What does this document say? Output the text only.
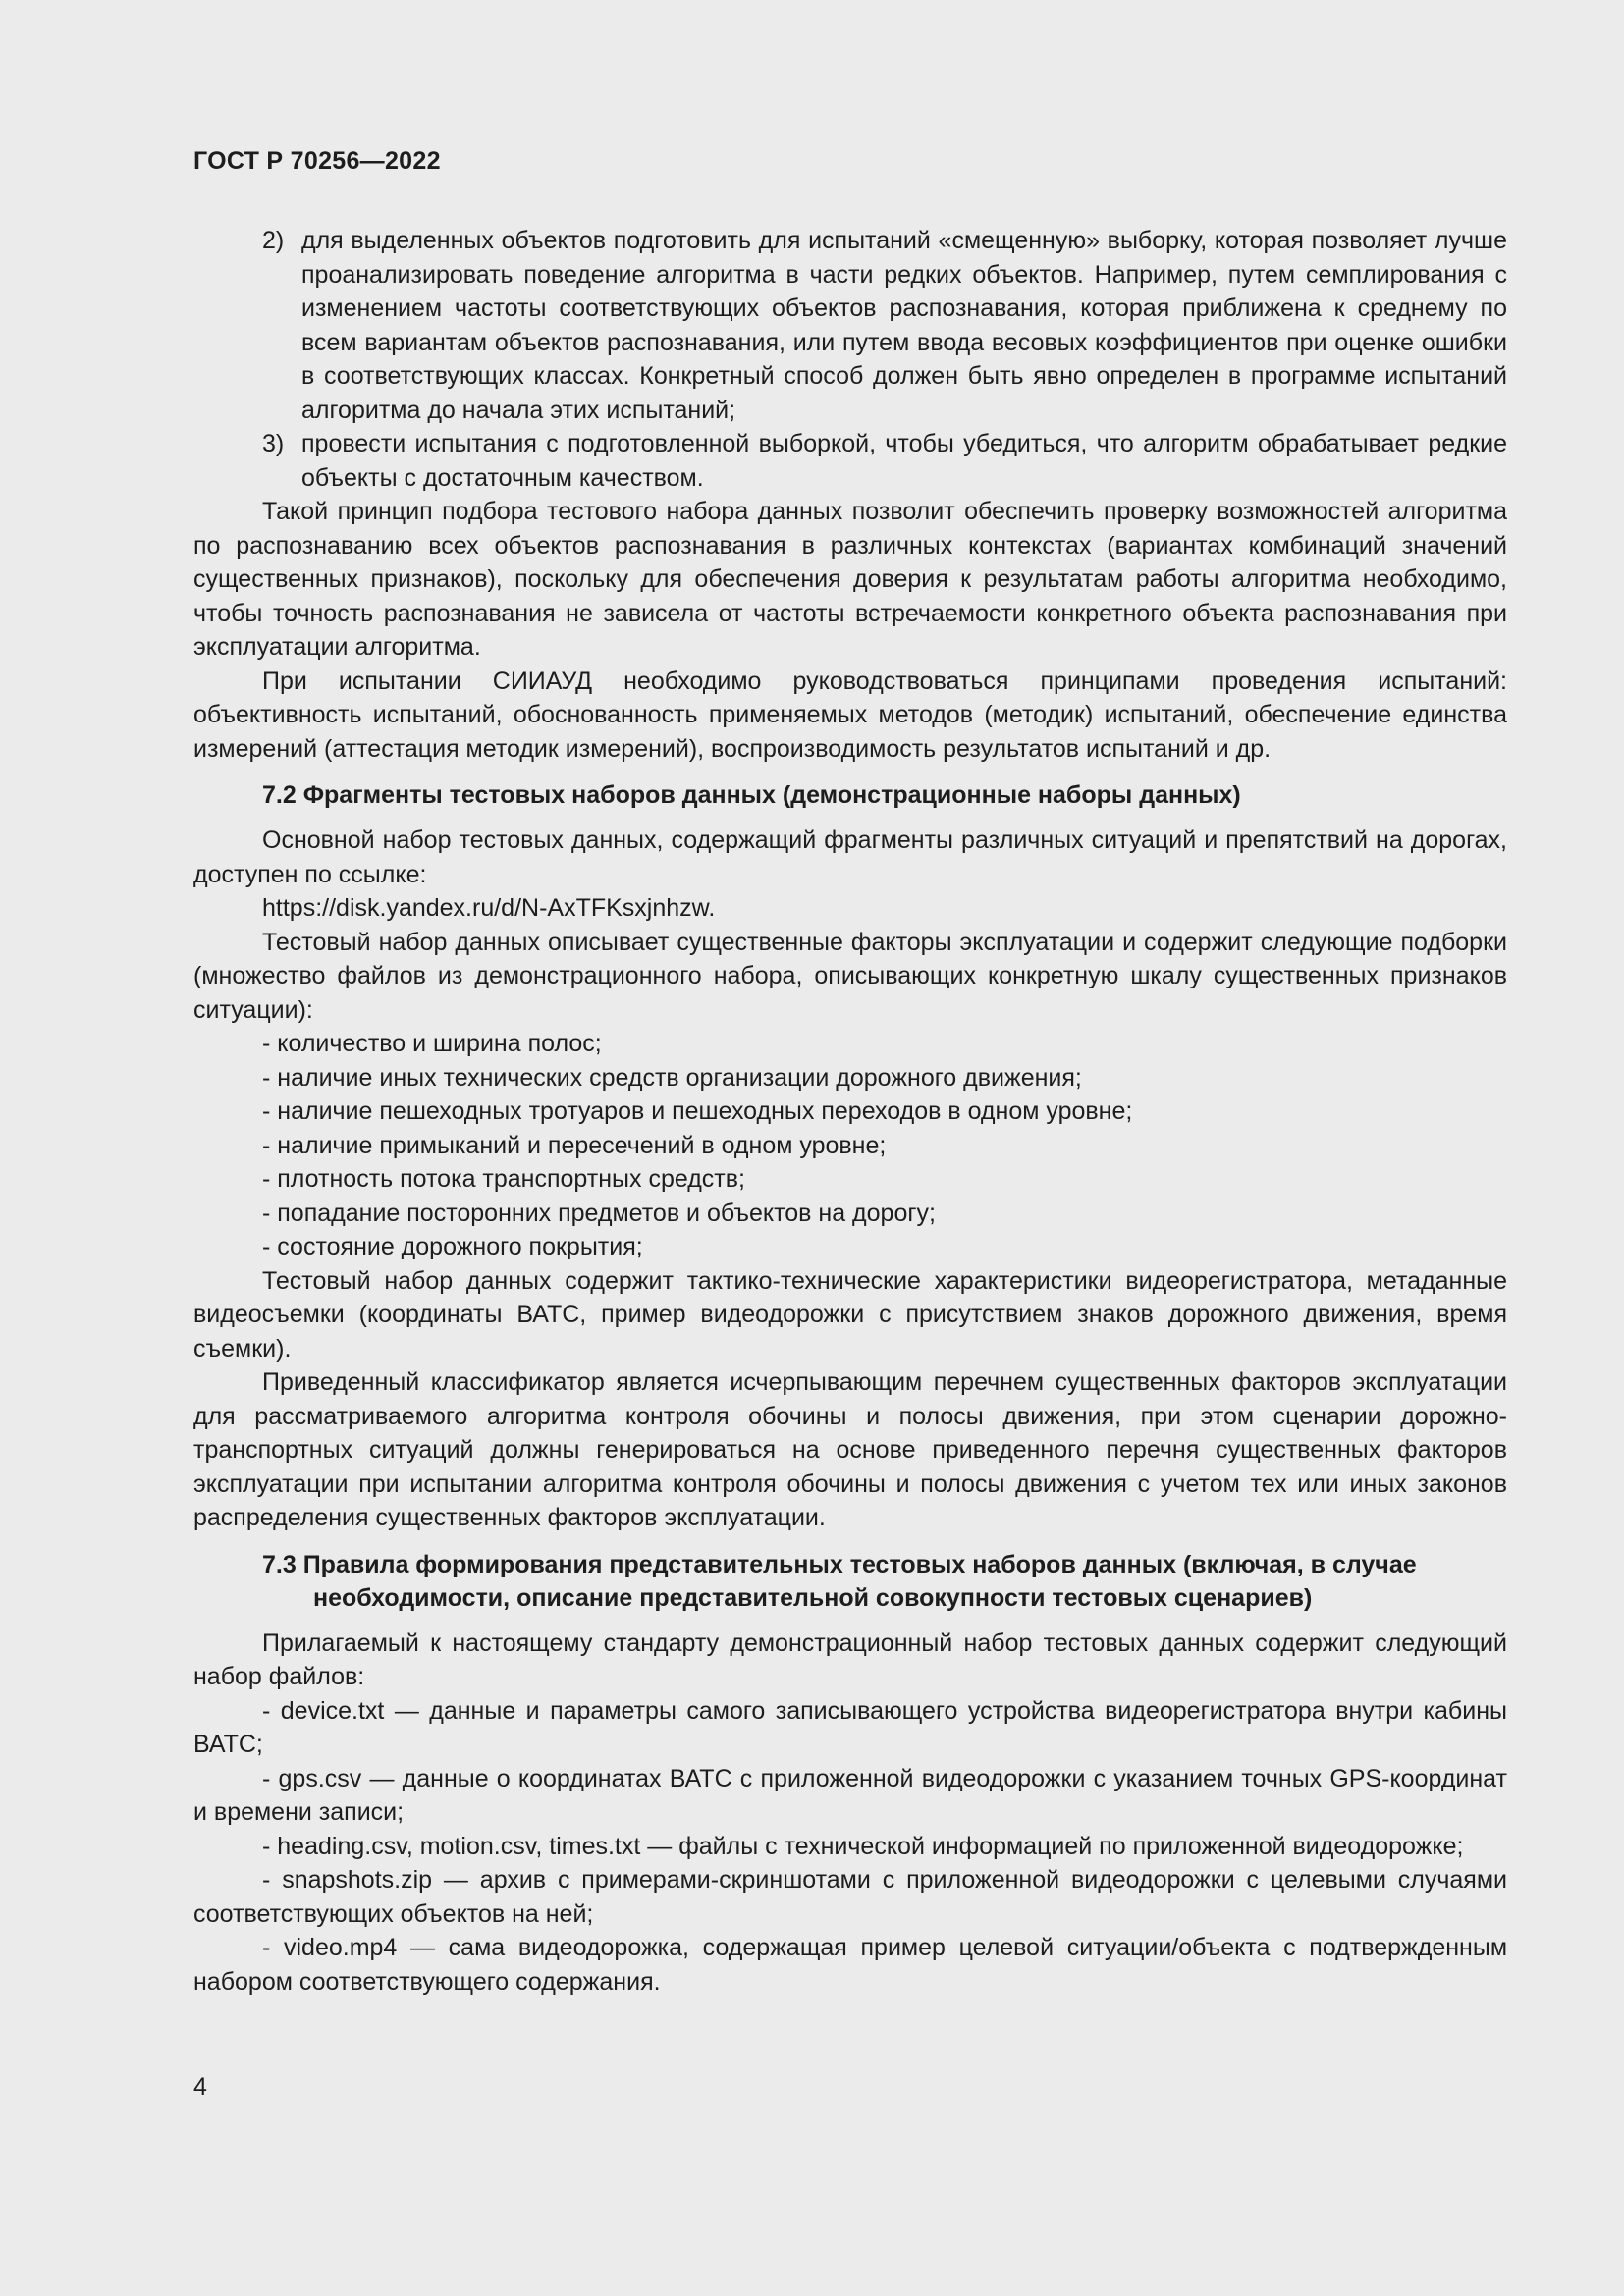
ГОСТ Р 70256—2022

2) для выделенных объектов подготовить для испытаний «смещенную» выборку, которая позволяет лучше проанализировать поведение алгоритма в части редких объектов. Например, путем семплирования с изменением частоты соответствующих объектов распознавания, которая приближена к среднему по всем вариантам объектов распознавания, или путем ввода весовых коэффициентов при оценке ошибки в соответствующих классах. Конкретный способ должен быть явно определен в программе испытаний алгоритма до начала этих испытаний;

3) провести испытания с подготовленной выборкой, чтобы убедиться, что алгоритм обрабатывает редкие объекты с достаточным качеством.

Такой принцип подбора тестового набора данных позволит обеспечить проверку возможностей алгоритма по распознаванию всех объектов распознавания в различных контекстах (вариантах комбинаций значений существенных признаков), поскольку для обеспечения доверия к результатам работы алгоритма необходимо, чтобы точность распознавания не зависела от частоты встречаемости конкретного объекта распознавания при эксплуатации алгоритма.

При испытании СИИАУД необходимо руководствоваться принципами проведения испытаний: объективность испытаний, обоснованность применяемых методов (методик) испытаний, обеспечение единства измерений (аттестация методик измерений), воспроизводимость результатов испытаний и др.

7.2 Фрагменты тестовых наборов данных (демонстрационные наборы данных)

Основной набор тестовых данных, содержащий фрагменты различных ситуаций и препятствий на дорогах, доступен по ссылке:

https://disk.yandex.ru/d/N-AxTFKsxjnhzw.

Тестовый набор данных описывает существенные факторы эксплуатации и содержит следующие подборки (множество файлов из демонстрационного набора, описывающих конкретную шкалу существенных признаков ситуации):

- количество и ширина полос;

- наличие иных технических средств организации дорожного движения;

- наличие пешеходных тротуаров и пешеходных переходов в одном уровне;

- наличие примыканий и пересечений в одном уровне;

- плотность потока транспортных средств;

- попадание посторонних предметов и объектов на дорогу;

- состояние дорожного покрытия;

Тестовый набор данных содержит тактико-технические характеристики видеорегистратора, метаданные видеосъемки (координаты ВАТС, пример видеодорожки с присутствием знаков дорожного движения, время съемки).

Приведенный классификатор является исчерпывающим перечнем существенных факторов эксплуатации для рассматриваемого алгоритма контроля обочины и полосы движения, при этом сценарии дорожно-транспортных ситуаций должны генерироваться на основе приведенного перечня существенных факторов эксплуатации при испытании алгоритма контроля обочины и полосы движения с учетом тех или иных законов распределения существенных факторов эксплуатации.

7.3 Правила формирования представительных тестовых наборов данных (включая, в случае необходимости, описание представительной совокупности тестовых сценариев)

Прилагаемый к настоящему стандарту демонстрационный набор тестовых данных содержит следующий набор файлов:

- device.txt — данные и параметры самого записывающего устройства видеорегистратора внутри кабины ВАТС;

- gps.csv — данные о координатах ВАТС с приложенной видеодорожки с указанием точных GPS-координат и времени записи;

- heading.csv, motion.csv, times.txt — файлы с технической информацией по приложенной видеодорожке;

- snapshots.zip — архив с примерами-скриншотами с приложенной видеодорожки с целевыми случаями соответствующих объектов на ней;

- video.mp4 — сама видеодорожка, содержащая пример целевой ситуации/объекта с подтвержденным набором соответствующего содержания.

4
